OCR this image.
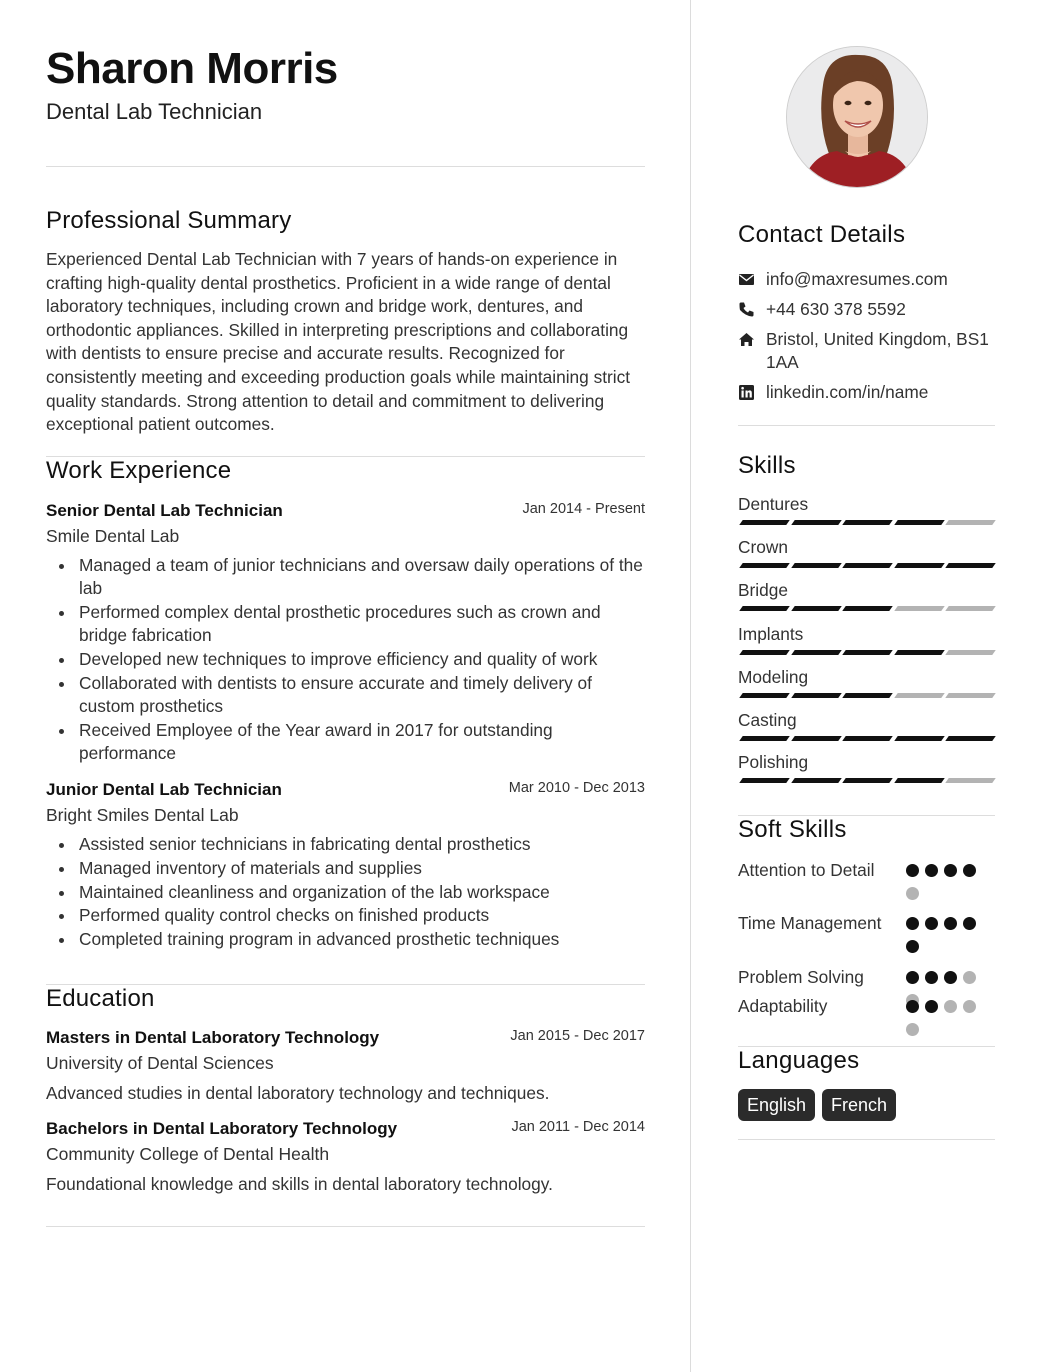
Sharon Morris
Dental Lab Technician
Professional Summary
Experienced Dental Lab Technician with 7 years of hands-on experience in crafting high-quality dental prosthetics. Proficient in a wide range of dental laboratory techniques, including crown and bridge work, dentures, and orthodontic appliances. Skilled in interpreting prescriptions and collaborating with dentists to ensure precise and accurate results. Recognized for consistently meeting and exceeding production goals while maintaining strict quality standards. Strong attention to detail and commitment to delivering exceptional patient outcomes.
Work Experience
Senior Dental Lab Technician	Jan 2014 - Present
Smile Dental Lab
Managed a team of junior technicians and oversaw daily operations of the lab
Performed complex dental prosthetic procedures such as crown and bridge fabrication
Developed new techniques to improve efficiency and quality of work
Collaborated with dentists to ensure accurate and timely delivery of custom prosthetics
Received Employee of the Year award in 2017 for outstanding performance
Junior Dental Lab Technician	Mar 2010 - Dec 2013
Bright Smiles Dental Lab
Assisted senior technicians in fabricating dental prosthetics
Managed inventory of materials and supplies
Maintained cleanliness and organization of the lab workspace
Performed quality control checks on finished products
Completed training program in advanced prosthetic techniques
Education
Masters in Dental Laboratory Technology	Jan 2015 - Dec 2017
University of Dental Sciences
Advanced studies in dental laboratory technology and techniques.
Bachelors in Dental Laboratory Technology	Jan 2011 - Dec 2014
Community College of Dental Health
Foundational knowledge and skills in dental laboratory technology.
Contact Details
info@maxresumes.com
+44 630 378 5592
Bristol, United Kingdom, BS1 1AA
linkedin.com/in/name
Skills
Dentures
Crown
Bridge
Implants
Modeling
Casting
Polishing
Soft Skills
Attention to Detail
Time Management
Problem Solving
Adaptability
Languages
English	French
